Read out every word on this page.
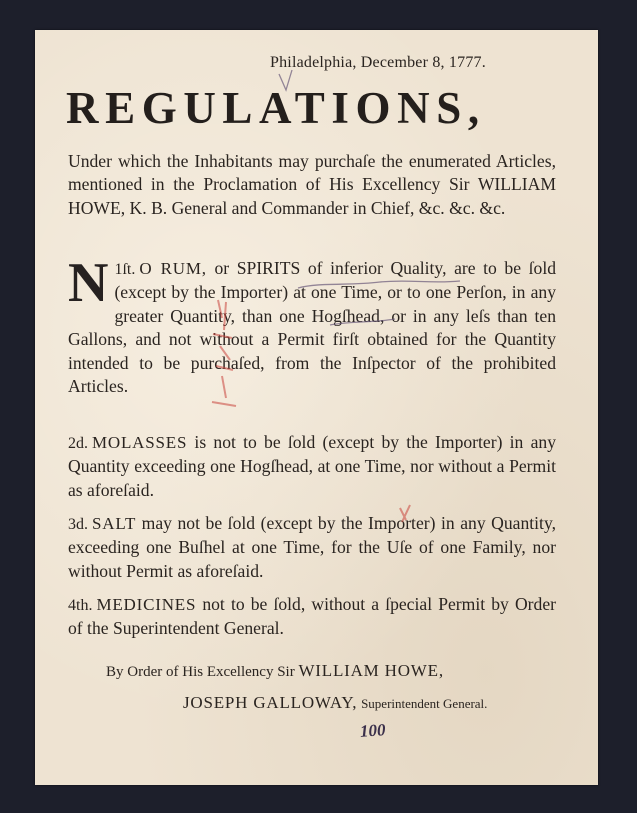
Philadelphia, December 8, 1777.
REGULATIONS,
Under which the Inhabitants may purchaſe the enumerated Articles, mentioned in the Proclamation of His Excellency Sir WILLIAM HOWE, K. B. General and Commander in Chief, &c. &c. &c.
1ſt.
N O RUM, or SPIRITS of inferior Quality, are to be ſold (except by the Importer) at one Time, or to one Perſon, in any greater Quantity, than one Hogſhead, or in any leſs than ten Gallons, and not without a Permit firſt obtained for the Quantity intended to be purchaſed, from the Inſpector of the prohibited Articles.
2d. MOLASSES is not to be ſold (except by the Importer) in any Quantity exceeding one Hogſhead, at one Time, nor without a Permit as aforeſaid.
3d. SALT may not be ſold (except by the Importer) in any Quantity, exceeding one Buſhel at one Time, for the Uſe of one Family, nor without Permit as aforeſaid.
4th. MEDICINES not to be ſold, without a ſpecial Permit by Order of the Superintendent General.
By Order of His Excellency Sir WILLIAM HOWE,
JOSEPH GALLOWAY, Superintendent General.
100
